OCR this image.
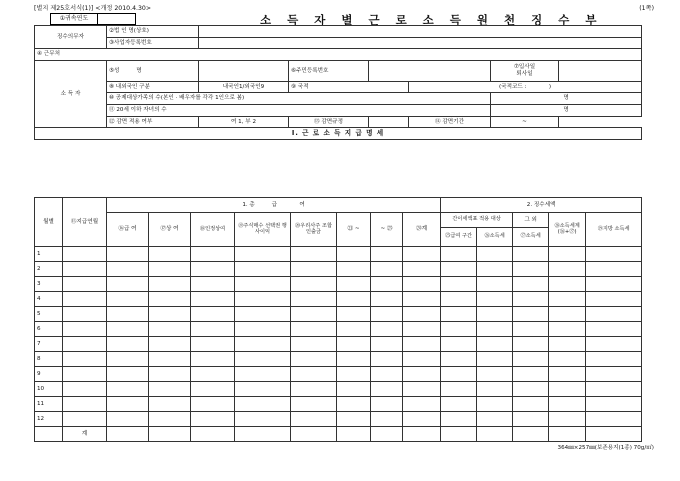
[별지 제25호서식(1)] <개정 2010.4.30>	(1쪽)
①귀속연도	소 득 자 별 근 로 소 득 원 천 징 수 부
징수의무자	②법 인 명(상호)						
	③사업자등록번호						
④ 근무처							
소 득 자	⑤성　　　명		⑥주민등록번호			⑦입사일
퇴사일	
	⑧ 내외국인 구분	내국인1/외국인9	⑨ 국적		(국적코드 :　　　　)		
	⑩ 공제대상가족의 수(본인 · 배우자를 각각 1인으로 봄)					명	
	⑪ 20세 이하 자녀의 수					명	
	⑫ 감면 적용 여부	여 1, 부 2	⑬ 감면규정		⑭ 감면기간	~	
Ⅰ. 근 로 소 득 지 급 명 세							
월별	⑮지급연월	1. 총　　　급　　　　여								2. 징수세액				
		⑯급 여	⑰상 여	⑱인정상여	⑲주식매수 선택권 행사이익	⑳우리사주 조합 인출금	㉑ ~	~ ㉓	㉔계	간이세액표 적용 대상		그 외	㉘소득세계 (㉖+㉗)	㉙지방 소득세
										㉕급여 구간	㉖소득세	㉗소득세		
1														
2														
3														
4														
5														
6														
7														
8														
9														
10														
11														
12														
	계													
364㎜×257㎜(보존용지(1종) 70g/㎡)
